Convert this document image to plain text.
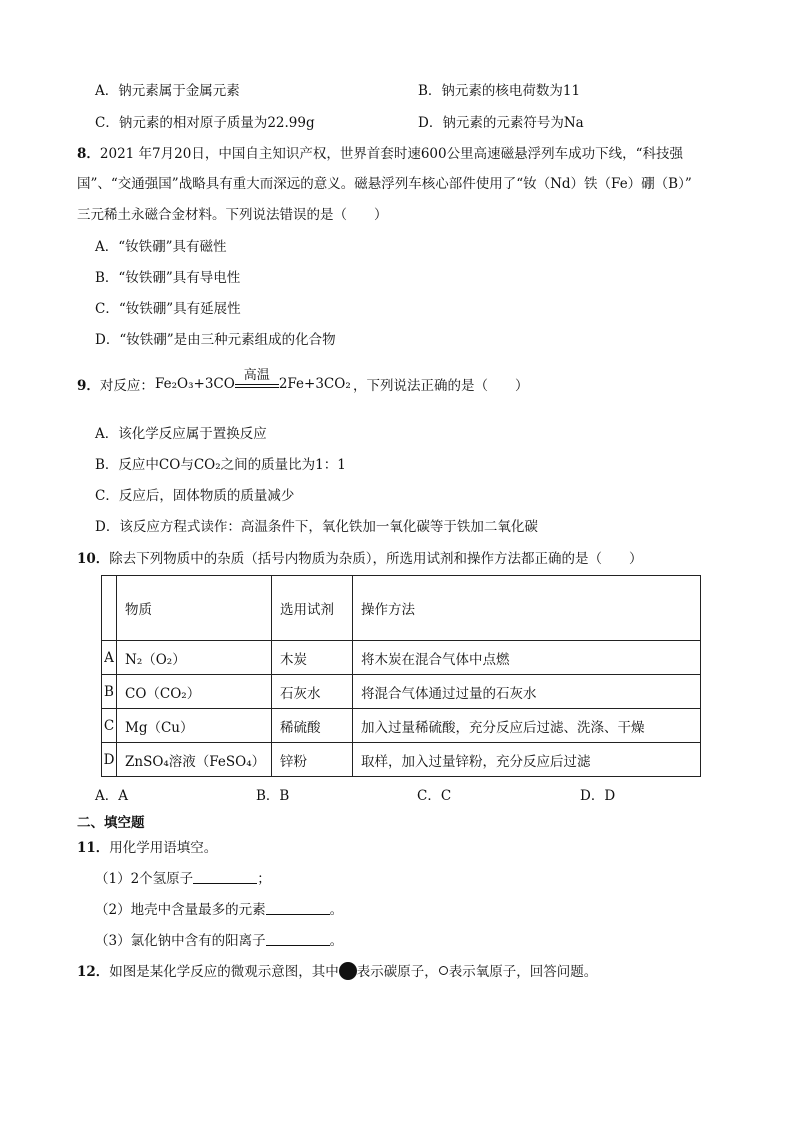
A．钠元素属于金属元素	B．钠元素的核电荷数为11
C．钠元素的相对原子质量为22.99g	D．钠元素的元素符号为Na
8．2021 年7月20日，中国自主知识产权，世界首套时速600公里高速磁悬浮列车成功下线，“科技强
国”、“交通强国”战略具有重大而深远的意义。磁悬浮列车核心部件使用了“钕（Nd）铁（Fe）硼（B）”
三元稀土永磁合金材料。下列说法错误的是（　　）
A．“钕铁硼”具有磁性
B．“钕铁硼”具有导电性
C．“钕铁硼”具有延展性
D．“钕铁硼”是由三种元素组成的化合物
9．对反应： Fe₂O₃+3CO
高温
2Fe+3CO₂ ，下列说法正确的是（　　）
A．该化学反应属于置换反应
B．反应中CO与CO₂之间的质量比为1：1
C．反应后，固体物质的质量减少
D．该反应方程式读作：高温条件下，氧化铁加一氧化碳等于铁加二氧化碳
10．除去下列物质中的杂质（括号内物质为杂质），所选用试剂和操作方法都正确的是（　　）
	物质	选用试剂	操作方法
A	N₂（O₂）	木炭	将木炭在混合气体中点燃
B	CO（CO₂）	石灰水	将混合气体通过过量的石灰水
C	Mg（Cu）	稀硫酸	加入过量稀硫酸，充分反应后过滤、洗涤、干燥
D	ZnSO₄溶液（FeSO₄）	锌粉	取样，加入过量锌粉，充分反应后过滤
A．A	B．B	C．C	D．D
二、填空题
11．用化学用语填空。
（1）2个氢原子	；
（2）地壳中含量最多的元素	。
（3）氯化钠中含有的阳离子	。
12．如图是某化学反应的微观示意图，其中 表示碳原子， 表示氧原子，回答问题。
